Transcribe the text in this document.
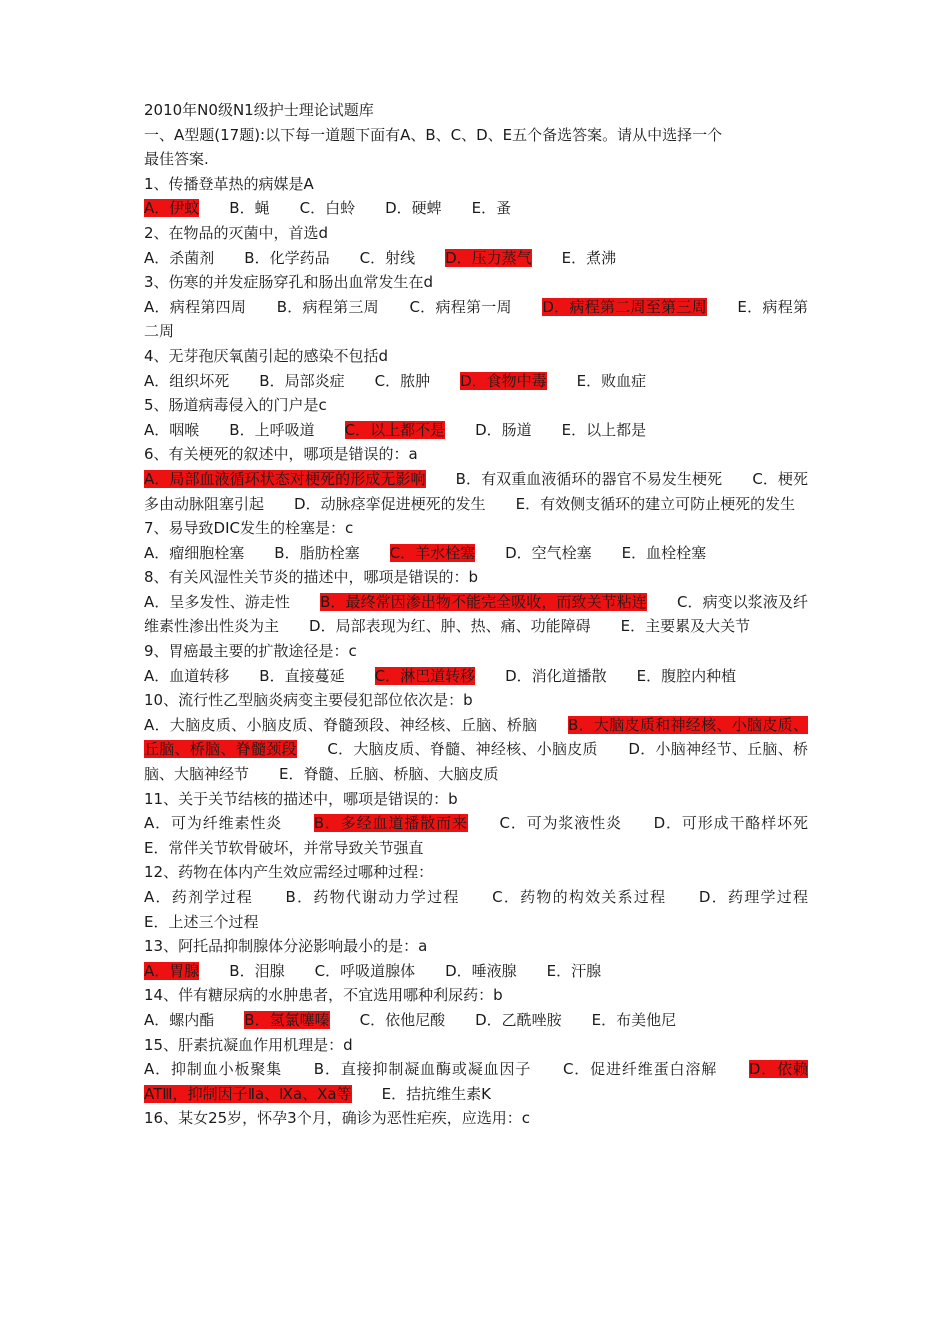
2010年N0级N1级护士理论试题库
一、A型题(17题):以下每一道题下面有A、B、C、D、E五个备选答案。请从中选择一个
最佳答案.
1、传播登革热的病媒是A
A．伊蚊　　 B．蝇　　 C．白蛉　　 D．硬蜱　　 E．蚤
2、在物品的灭菌中，首选d
A．杀菌剂　　 B．化学药品　　 C．射线　　 D．压力蒸气　　 E．煮沸
3、伤寒的并发症肠穿孔和肠出血常发生在d
A．病程第四周　　 B．病程第三周　　 C．病程第一周　　 D．病程第二周至第三周　　 E．病程第二周
4、无芽孢厌氧菌引起的感染不包括d
A．组织坏死　　 B．局部炎症　　 C．脓肿　　 D．食物中毒　　 E．败血症
5、肠道病毒侵入的门户是c
A．咽喉　　 B．上呼吸道　　 C．以上都不是　　 D．肠道　　 E．以上都是
6、有关梗死的叙述中，哪项是错误的：a
A．局部血液循环状态对梗死的形成无影响　　 B．有双重血液循环的器官不易发生梗死　　 C．梗死多由动脉阻塞引起　　 D．动脉痉挛促进梗死的发生　　 E．有效侧支循环的建立可防止梗死的发生
7、易导致DIC发生的栓塞是：c
A．瘤细胞栓塞　　 B．脂肪栓塞　　 C．羊水栓塞　　 D．空气栓塞　　 E．血栓栓塞
8、有关风湿性关节炎的描述中，哪项是错误的：b
A．呈多发性、游走性　　 B．最终常因渗出物不能完全吸收，而致关节粘连　　 C．病变以浆液及纤维素性渗出性炎为主　　 D．局部表现为红、肿、热、痛、功能障碍　　 E．主要累及大关节
9、胃癌最主要的扩散途径是：c
A．血道转移　　 B．直接蔓延　　 C．淋巴道转移　　 D．消化道播散　　 E．腹腔内种植
10、流行性乙型脑炎病变主要侵犯部位依次是：b
A．大脑皮质、小脑皮质、脊髓颈段、神经核、丘脑、桥脑　　 B．大脑皮质和神经核、小脑皮质、丘脑、桥脑、脊髓颈段　　 C．大脑皮质、脊髓、神经核、小脑皮质　　 D．小脑神经节、丘脑、桥脑、大脑神经节　　 E．脊髓、丘脑、桥脑、大脑皮质
11、关于关节结核的描述中，哪项是错误的：b
A．可为纤维素性炎　　 B．多经血道播散而来　　 C．可为浆液性炎　　 D．可形成干酪样坏死　　E．常伴关节软骨破坏，并常导致关节强直
12、药物在体内产生效应需经过哪种过程：
A．药剂学过程　　 B．药物代谢动力学过程　　 C．药物的构效关系过程　　 D．药理学过程　　E．上述三个过程
13、阿托品抑制腺体分泌影响最小的是：a
A．胃腺　　 B．泪腺　　 C．呼吸道腺体　　 D．唾液腺　　 E．汗腺
14、伴有糖尿病的水肿患者，不宜选用哪种利尿药：b
A．螺内酯　　 B．氢氯噻嗪　　 C．依他尼酸　　 D．乙酰唑胺　　 E．布美他尼
15、肝素抗凝血作用机理是：d
A．抑制血小板聚集　　 B．直接抑制凝血酶或凝血因子　　 C．促进纤维蛋白溶解　　 D．依赖ATⅢ，抑制因子Ⅱa、Ⅸa、Ⅹa等　　 E．拮抗维生素K
16、某女25岁，怀孕3个月，确诊为恶性疟疾，应选用：c
